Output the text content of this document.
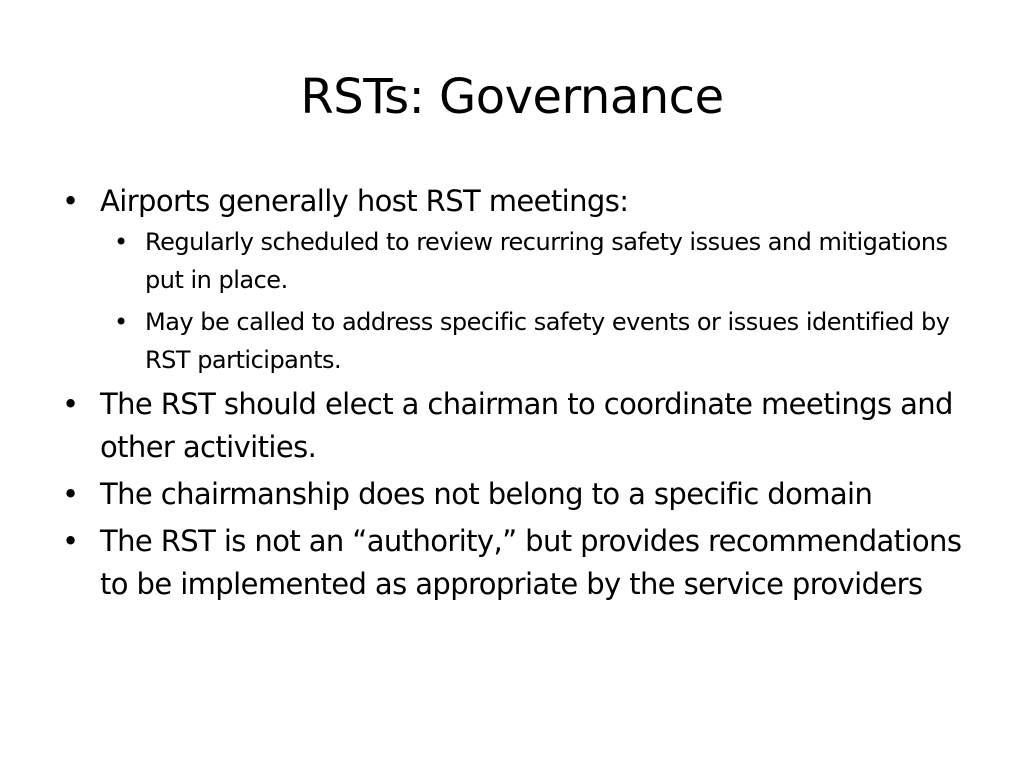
RSTs: Governance
• Airports generally host RST meetings:
• Regularly scheduled to review recurring safety issues and mitigations put in place.
• May be called to address specific safety events or issues identified by RST participants.
• The RST should elect a chairman to coordinate meetings and other activities.
• The chairmanship does not belong to a specific domain
• The RST is not an “authority,” but provides recommendations to be implemented as appropriate by the service providers
